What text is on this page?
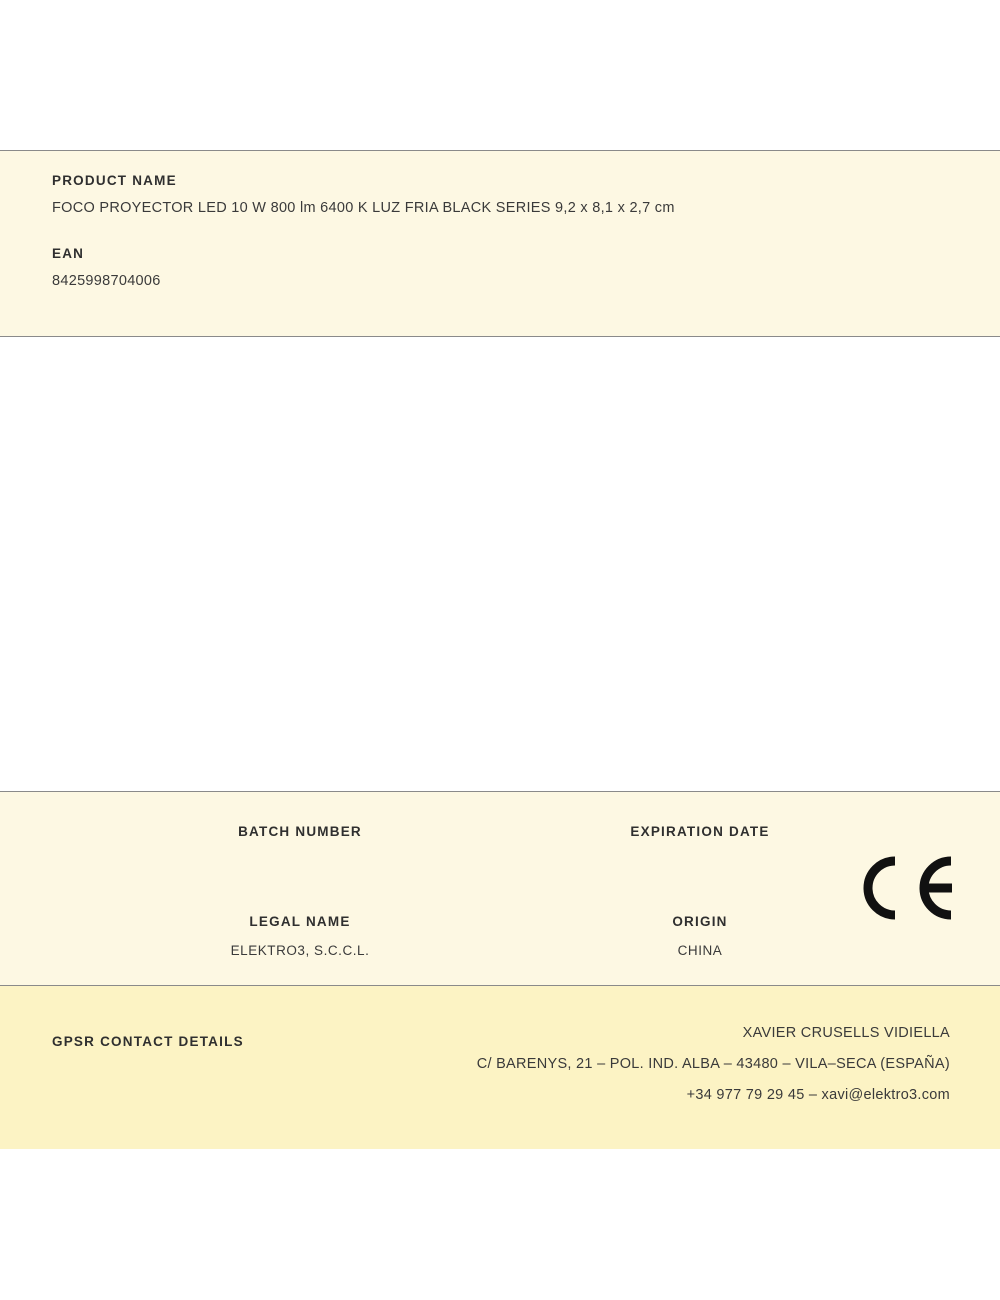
PRODUCT NAME
FOCO PROYECTOR LED 10 W 800 lm 6400 K LUZ FRIA BLACK SERIES 9,2 x 8,1 x 2,7 cm
EAN
8425998704006
BATCH NUMBER	EXPIRATION DATE
LEGAL NAME	ORIGIN
ELEKTRO3, S.C.C.L.	CHINA
GPSR CONTACT DETAILS
XAVIER CRUSELLS VIDIELLA
C/ BARENYS, 21 – POL. IND. ALBA – 43480 – VILA–SECA (ESPAÑA)
+34 977 79 29 45 – xavi@elektro3.com
